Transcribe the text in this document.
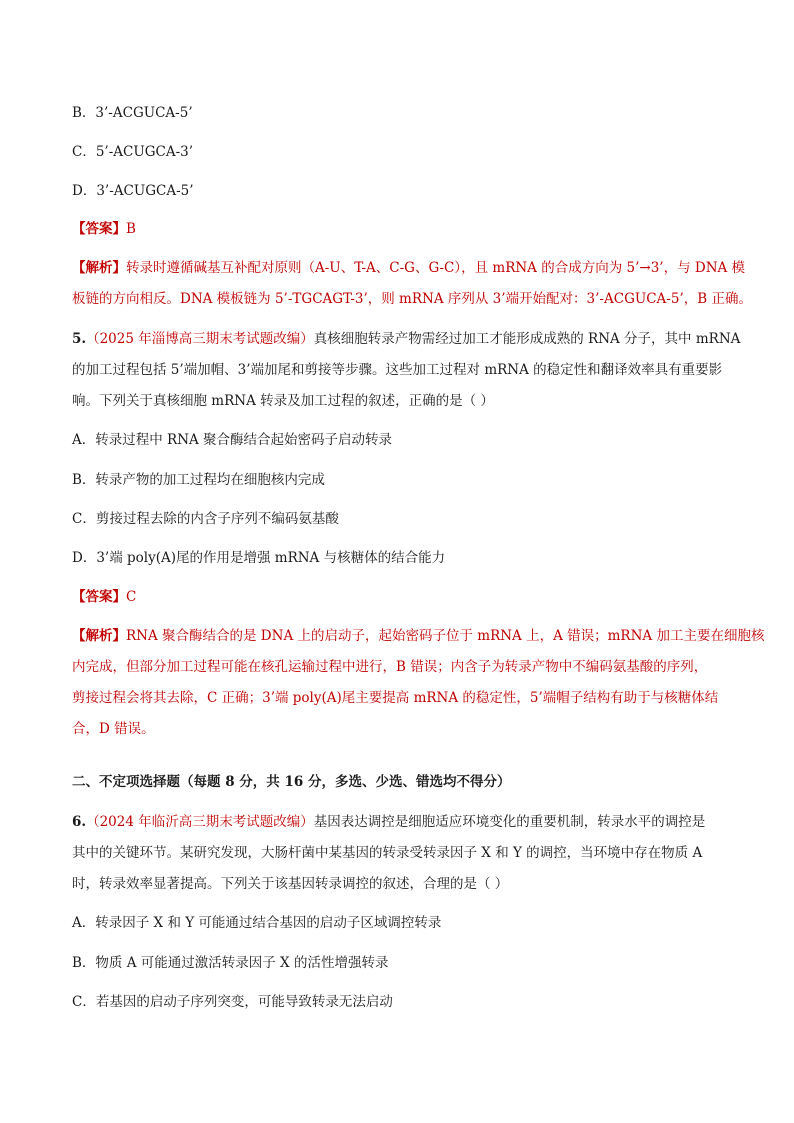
B．3’-ACGUCA-5’
C．5’-ACUGCA-3’
D．3’-ACUGCA-5’
【答案】B
【解析】转录时遵循碱基互补配对原则（A-U、T-A、C-G、G-C），且 mRNA 的合成方向为 5’→3’，与 DNA 模
板链的方向相反。DNA 模板链为 5’-TGCAGT-3’，则 mRNA 序列从 3’端开始配对：3’-ACGUCA-5’，B 正确。
5.（2025 年淄博高三期末考试题改编）真核细胞转录产物需经过加工才能形成成熟的 RNA 分子，其中 mRNA
的加工过程包括 5’端加帽、3’端加尾和剪接等步骤。这些加工过程对 mRNA 的稳定性和翻译效率具有重要影
响。下列关于真核细胞 mRNA 转录及加工过程的叙述，正确的是（ ）
A．转录过程中 RNA 聚合酶结合起始密码子启动转录
B．转录产物的加工过程均在细胞核内完成
C．剪接过程去除的内含子序列不编码氨基酸
D．3’端 poly(A)尾的作用是增强 mRNA 与核糖体的结合能力
【答案】C
【解析】RNA 聚合酶结合的是 DNA 上的启动子，起始密码子位于 mRNA 上，A 错误；mRNA 加工主要在细胞核
内完成，但部分加工过程可能在核孔运输过程中进行，B 错误；内含子为转录产物中不编码氨基酸的序列，
剪接过程会将其去除，C 正确；3’端 poly(A)尾主要提高 mRNA 的稳定性，5’端帽子结构有助于与核糖体结
合，D 错误。
二、不定项选择题（每题 8 分，共 16 分，多选、少选、错选均不得分）
6.（2024 年临沂高三期末考试题改编）基因表达调控是细胞适应环境变化的重要机制，转录水平的调控是
其中的关键环节。某研究发现，大肠杆菌中某基因的转录受转录因子 X 和 Y 的调控，当环境中存在物质 A
时，转录效率显著提高。下列关于该基因转录调控的叙述，合理的是（ ）
A．转录因子 X 和 Y 可能通过结合基因的启动子区域调控转录
B．物质 A 可能通过激活转录因子 X 的活性增强转录
C．若基因的启动子序列突变，可能导致转录无法启动
